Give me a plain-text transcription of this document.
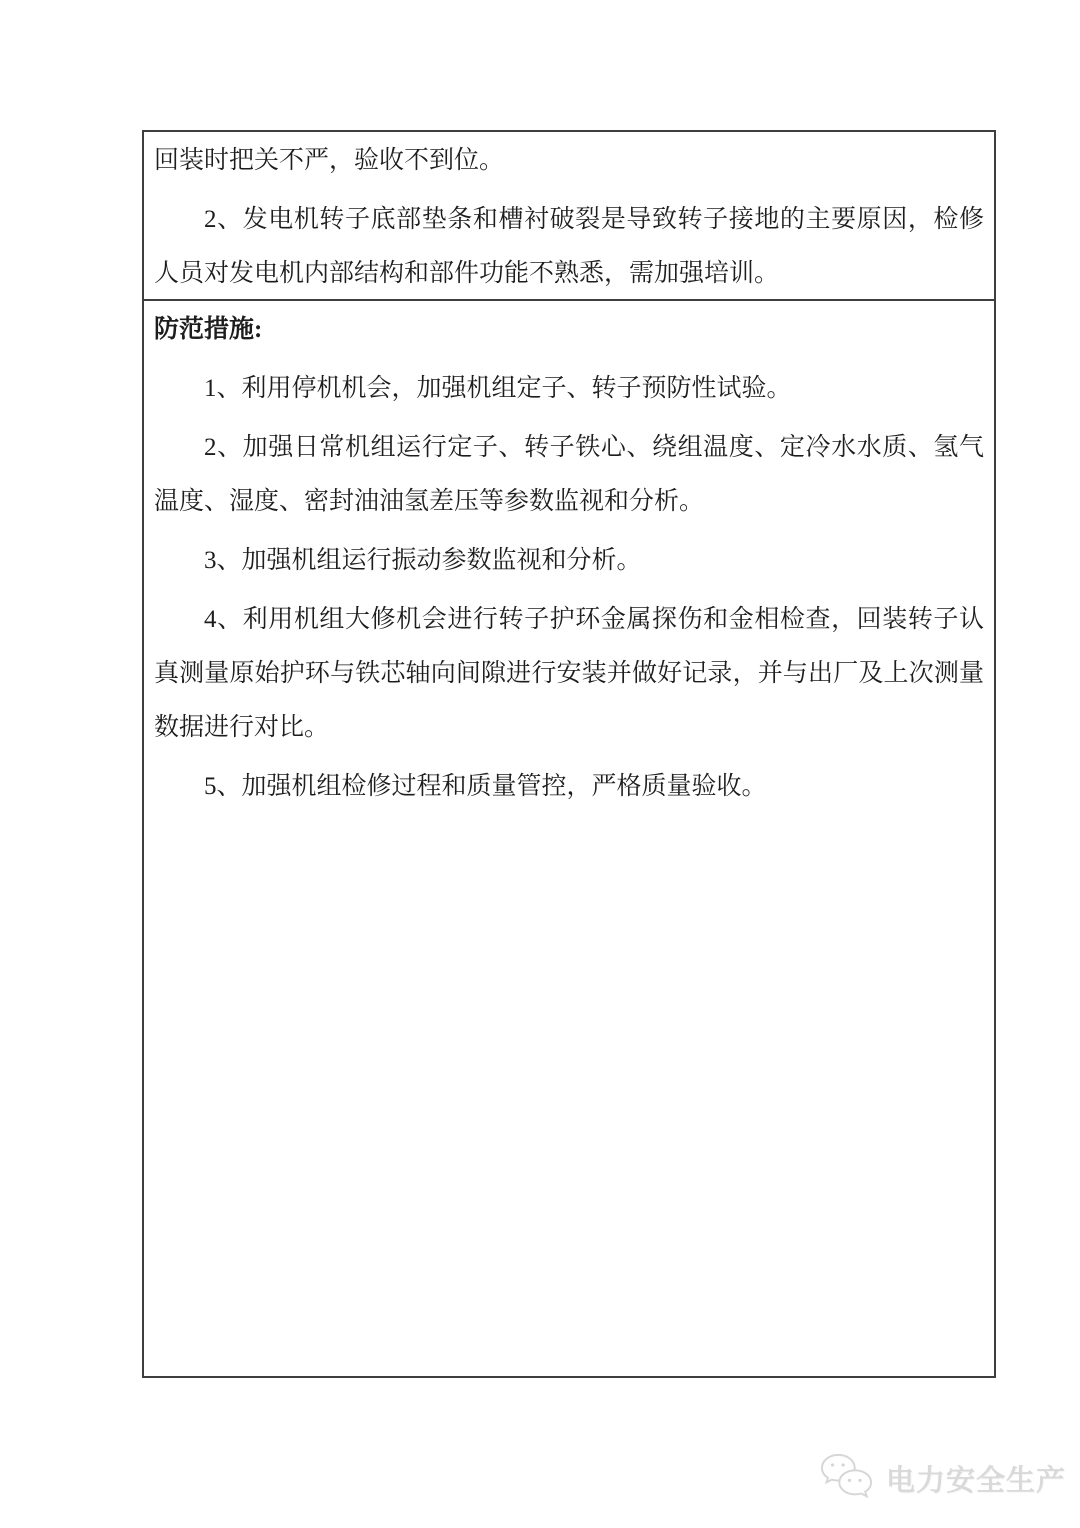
回装时把关不严，验收不到位。

2、发电机转子底部垫条和槽衬破裂是导致转子接地的主要原因，检修人员对发电机内部结构和部件功能不熟悉，需加强培训。

防范措施:

1、利用停机机会，加强机组定子、转子预防性试验。

2、加强日常机组运行定子、转子铁心、绕组温度、定冷水水质、氢气温度、湿度、密封油油氢差压等参数监视和分析。

3、加强机组运行振动参数监视和分析。

4、利用机组大修机会进行转子护环金属探伤和金相检查，回装转子认真测量原始护环与铁芯轴向间隙进行安装并做好记录，并与出厂及上次测量数据进行对比。

5、加强机组检修过程和质量管控，严格质量验收。

电力安全生产
